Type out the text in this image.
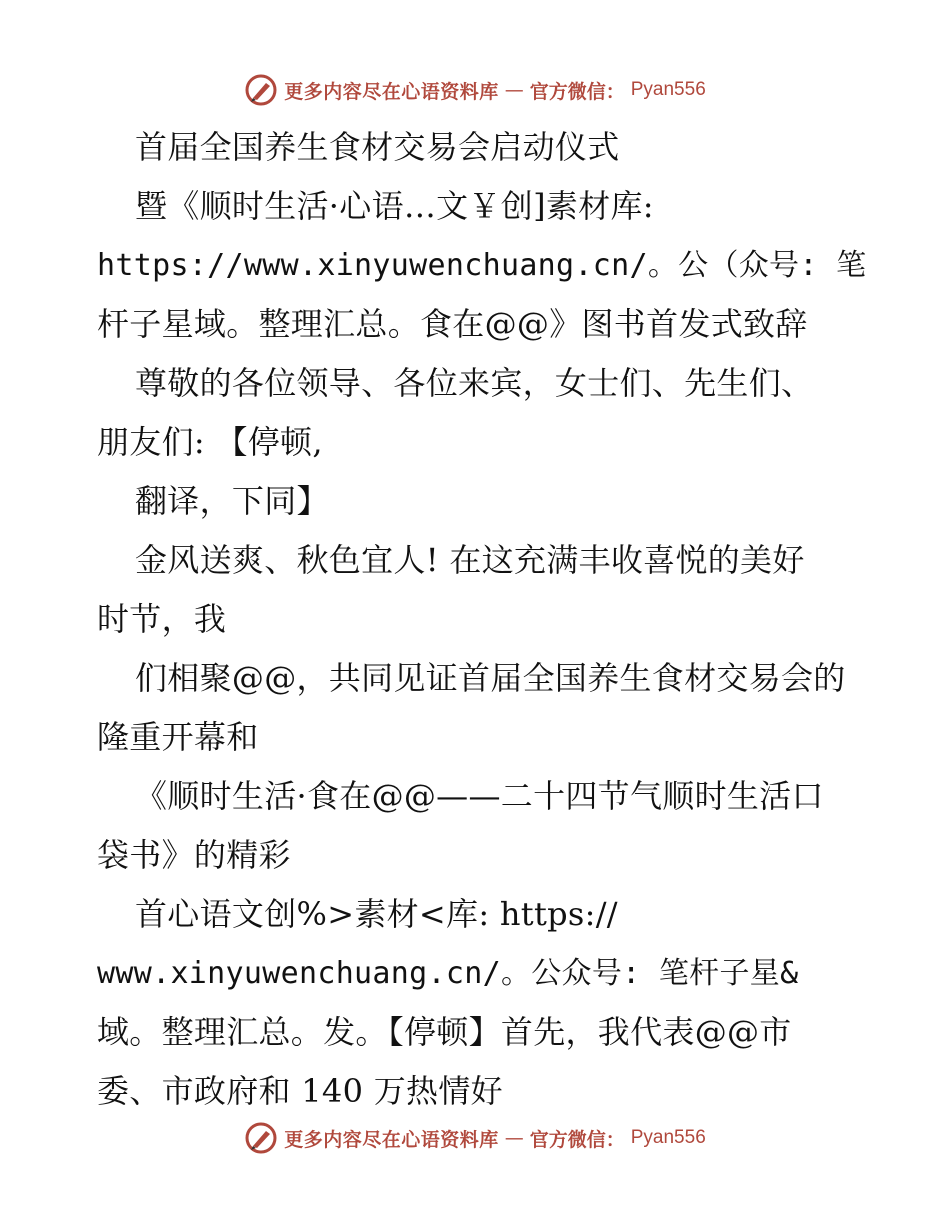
更多内容尽在心语资料库 — 官方微信： Pyan556
首届全国养生食材交易会启动仪式
暨《顺时生活·心语…文￥创]素材库:
https://www.xinyuwenchuang.cn/。公（众号: 笔
杆子星域。整理汇总。食在@@》图书首发式致辞
尊敬的各位领导、各位来宾，女士们、先生们、
朋友们: 【停顿,
翻译，下同】
金风送爽、秋色宜人! 在这充满丰收喜悦的美好
时节，我
们相聚@@，共同见证首届全国养生食材交易会的
隆重开幕和
《顺时生活·食在@@——二十四节气顺时生活口
袋书》的精彩
首心语文创%>素材<库: https://
www.xinyuwenchuang.cn/。公众号: 笔杆子星&
域。整理汇总。发。【停顿】首先，我代表@@市
委、市政府和 140 万热情好
更多内容尽在心语资料库 — 官方微信： Pyan556
